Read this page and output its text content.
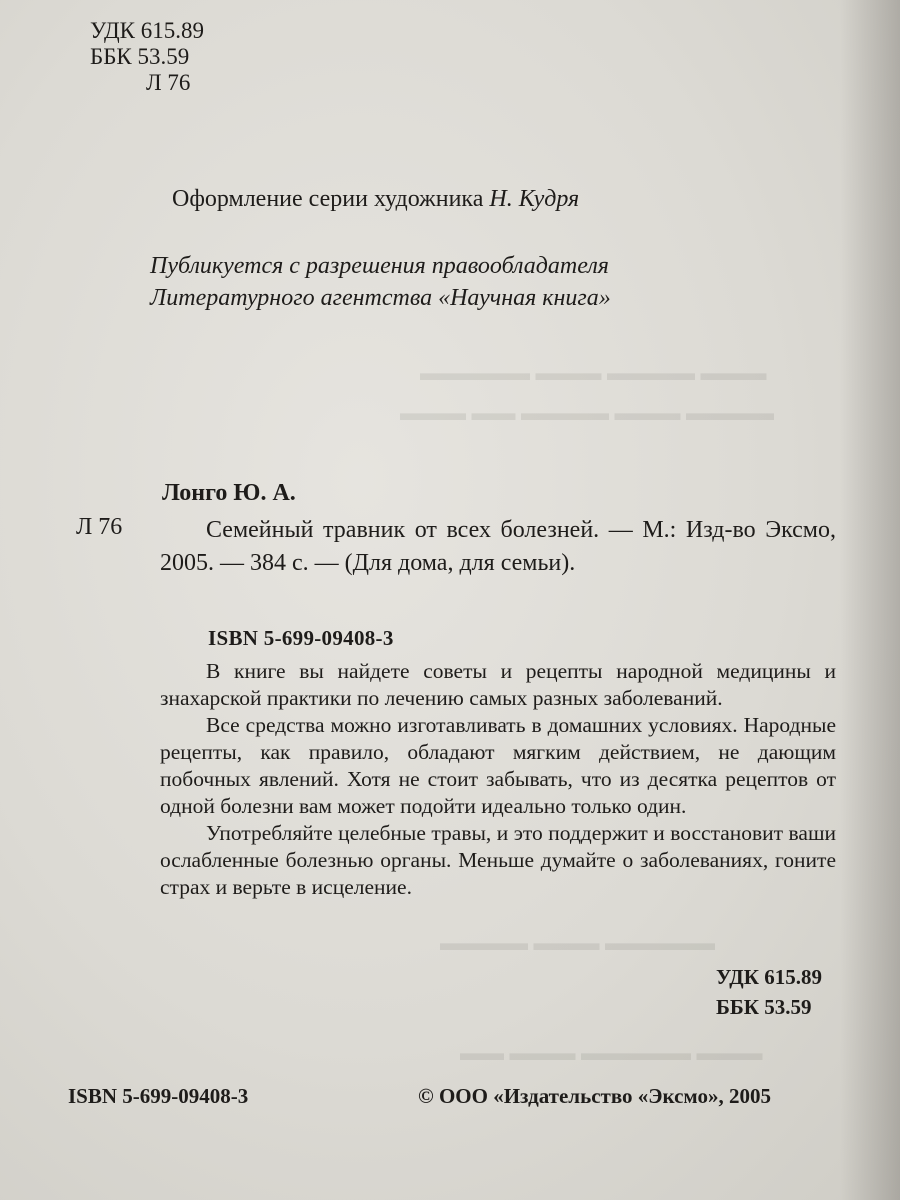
▬▬▬ ▬▬▬▬ ▬▬▬ ▬▬▬▬▬
▬▬▬▬ ▬▬▬ ▬▬▬▬ ▬▬ ▬▬▬
▬▬▬▬▬ ▬▬▬ ▬▬▬▬
▬▬▬ ▬▬▬▬▬ ▬▬▬ ▬▬
УДК 615.89
ББК 53.59
Л 76
Оформление серии художника Н. Кудря
Публикуется с разрешения правообладателя
Литературного агентства «Научная книга»
Лонго Ю. А.
Л 76	Семейный травник от всех болезней. — М.: Изд-во Эксмо, 2005. — 384 с. — (Для дома, для семьи).
ISBN 5-699-09408-3

В книге вы найдете советы и рецепты народной медицины и знахарской практики по лечению самых разных заболеваний.

Все средства можно изготавливать в домашних условиях. Народные рецепты, как правило, обладают мягким действием, не дающим побочных явлений. Хотя не стоит забывать, что из десятка рецептов от одной болезни вам может подойти идеально только один.

Употребляйте целебные травы, и это поддержит и восстановит ваши ослабленные болезнью органы. Меньше думайте о заболеваниях, гоните страх и верьте в исцеление.

УДК 615.89
ББК 53.59
ISBN 5-699-09408-3	© ООО «Издательство «Эксмо», 2005
